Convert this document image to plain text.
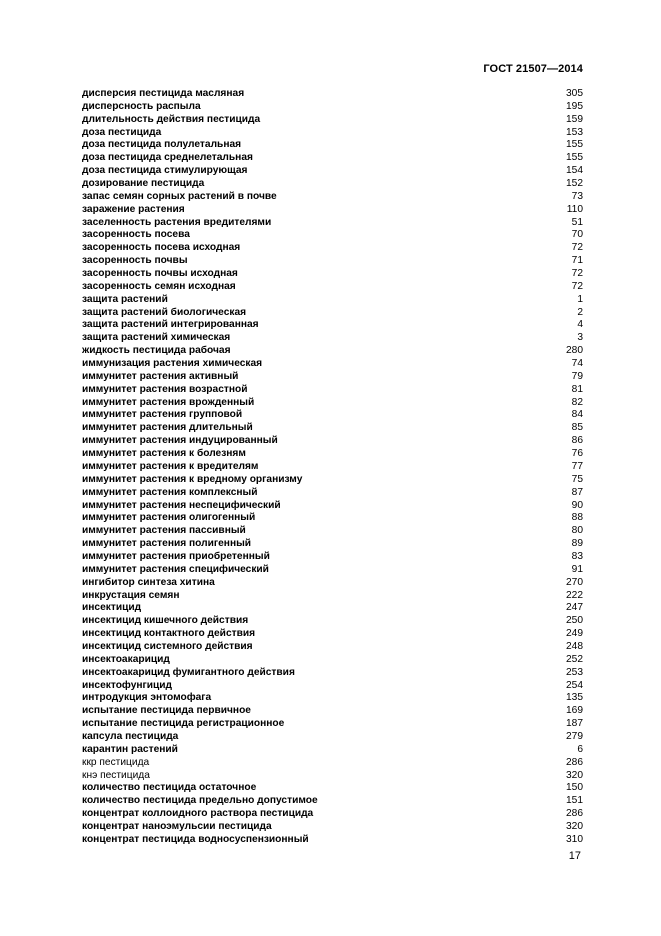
ГОСТ 21507—2014
дисперсия пестицида масляная	305
дисперсность распыла	195
длительность действия пестицида	159
доза пестицида	153
доза пестицида полулетальная	155
доза пестицида среднелетальная	155
доза пестицида стимулирующая	154
дозирование пестицида	152
запас семян сорных растений в почве	73
заражение растения	110
заселенность растения вредителями	51
засоренность посева	70
засоренность посева исходная	72
засоренность почвы	71
засоренность почвы исходная	72
засоренность семян исходная	72
защита растений	1
защита растений биологическая	2
защита растений интегрированная	4
защита растений химическая	3
жидкость пестицида рабочая	280
иммунизация растения химическая	74
иммунитет растения активный	79
иммунитет растения возрастной	81
иммунитет растения врожденный	82
иммунитет растения групповой	84
иммунитет растения длительный	85
иммунитет растения индуцированный	86
иммунитет растения к болезням	76
иммунитет растения к вредителям	77
иммунитет растения к вредному организму	75
иммунитет растения комплексный	87
иммунитет растения неспецифический	90
иммунитет растения олигогенный	88
иммунитет растения пассивный	80
иммунитет растения полигенный	89
иммунитет растения приобретенный	83
иммунитет растения специфический	91
ингибитор синтеза хитина	270
инкрустация семян	222
инсектицид	247
инсектицид кишечного действия	250
инсектицид контактного действия	249
инсектицид системного действия	248
инсектоакарицид	252
инсектоакарицид фумигантного действия	253
инсектофунгицид	254
интродукция энтомофага	135
испытание пестицида первичное	169
испытание пестицида регистрационное	187
капсула пестицида	279
карантин растений	6
ккр пестицида	286
кнэ пестицида	320
количество пестицида остаточное	150
количество пестицида предельно допустимое	151
концентрат коллоидного раствора пестицида	286
концентрат наноэмульсии пестицида	320
концентрат пестицида водносуспензионный	310
17
